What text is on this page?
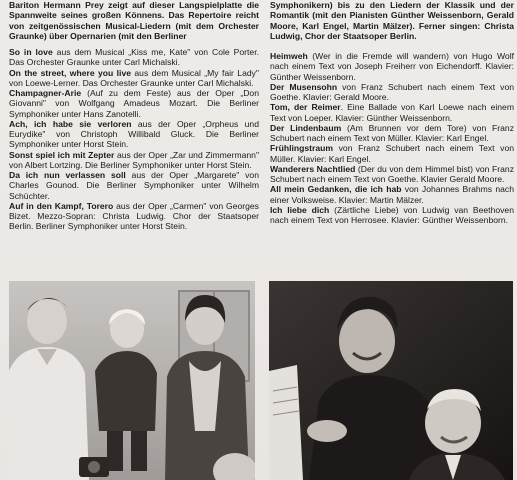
Bariton Hermann Prey zeigt auf dieser Langspielplatte die Spannweite seines großen Könnens. Das Repertoire reicht von zeitgenössischen Musical-Liedern (mit dem Orchester Graunke) über Opernarien (mit den Berliner

So in love aus dem Musical „Kiss me, Kate" von Cole Porter. Das Orchester Graunke unter Carl Michalski.
On the street, where you live aus dem Musical „My fair Lady" von Loewe-Lerner. Das Orchester Graunke unter Carl Michalski.
Champagner-Arie (Auf zu dem Feste) aus der Oper „Don Giovanni" von Wolfgang Amadeus Mozart. Die Berliner Symphoniker unter Hans Zanotelli.
Ach, ich habe sie verloren aus der Oper „Orpheus und Eurydike" von Christoph Willibald Gluck. Die Berliner Symphoniker unter Horst Stein.
Sonst spiel ich mit Zepter aus der Oper „Zar und Zimmermann" von Albert Lortzing. Die Berliner Symphoniker unter Horst Stein.
Da ich nun verlassen soll aus der Oper „Margarete" von Charles Gounod. Die Berliner Symphoniker unter Wilhelm Schüchter.
Auf in den Kampf, Torero aus der Oper „Carmen" von Georges Bizet. Mezzo-Sopran: Christa Ludwig. Chor der Staatsoper Berlin. Berliner Symphoniker unter Horst Stein.

Symphonikern) bis zu den Liedern der Klassik und der Romantik (mit den Pianisten Günther Weissenborn, Gerald Moore, Karl Engel, Martin Mälzer). Ferner singen: Christa Ludwig, Chor der Staatsoper Berlin.

Heimweh (Wer in die Fremde will wandern) von Hugo Wolf nach einem Text von Joseph Freiherr von Eichendorff. Klavier: Günther Weissenborn.
Der Musensohn von Franz Schubert nach einem Text von Goethe. Klavier: Gerald Moore.
Tom, der Reimer. Eine Ballade von Karl Loewe nach einem Text von Loeper. Klavier: Günther Weissenborn.
Der Lindenbaum (Am Brunnen vor dem Tore) von Franz Schubert nach einem Text von Müller. Klavier: Karl Engel.
Frühlingstraum von Franz Schubert nach einem Text von Müller. Klavier: Karl Engel.
Wanderers Nachtlied (Der du von dem Himmel bist) von Franz Schubert nach einem Text von Goethe. Klavier Gerald Moore.
All mein Gedanken, die ich hab von Johannes Brahms nach einer Volksweise. Klavier: Martin Mälzer.
Ich liebe dich (Zärtliche Liebe) von Ludwig van Beethoven nach einem Text von Herrosee. Klavier: Günther Weissenborn.
